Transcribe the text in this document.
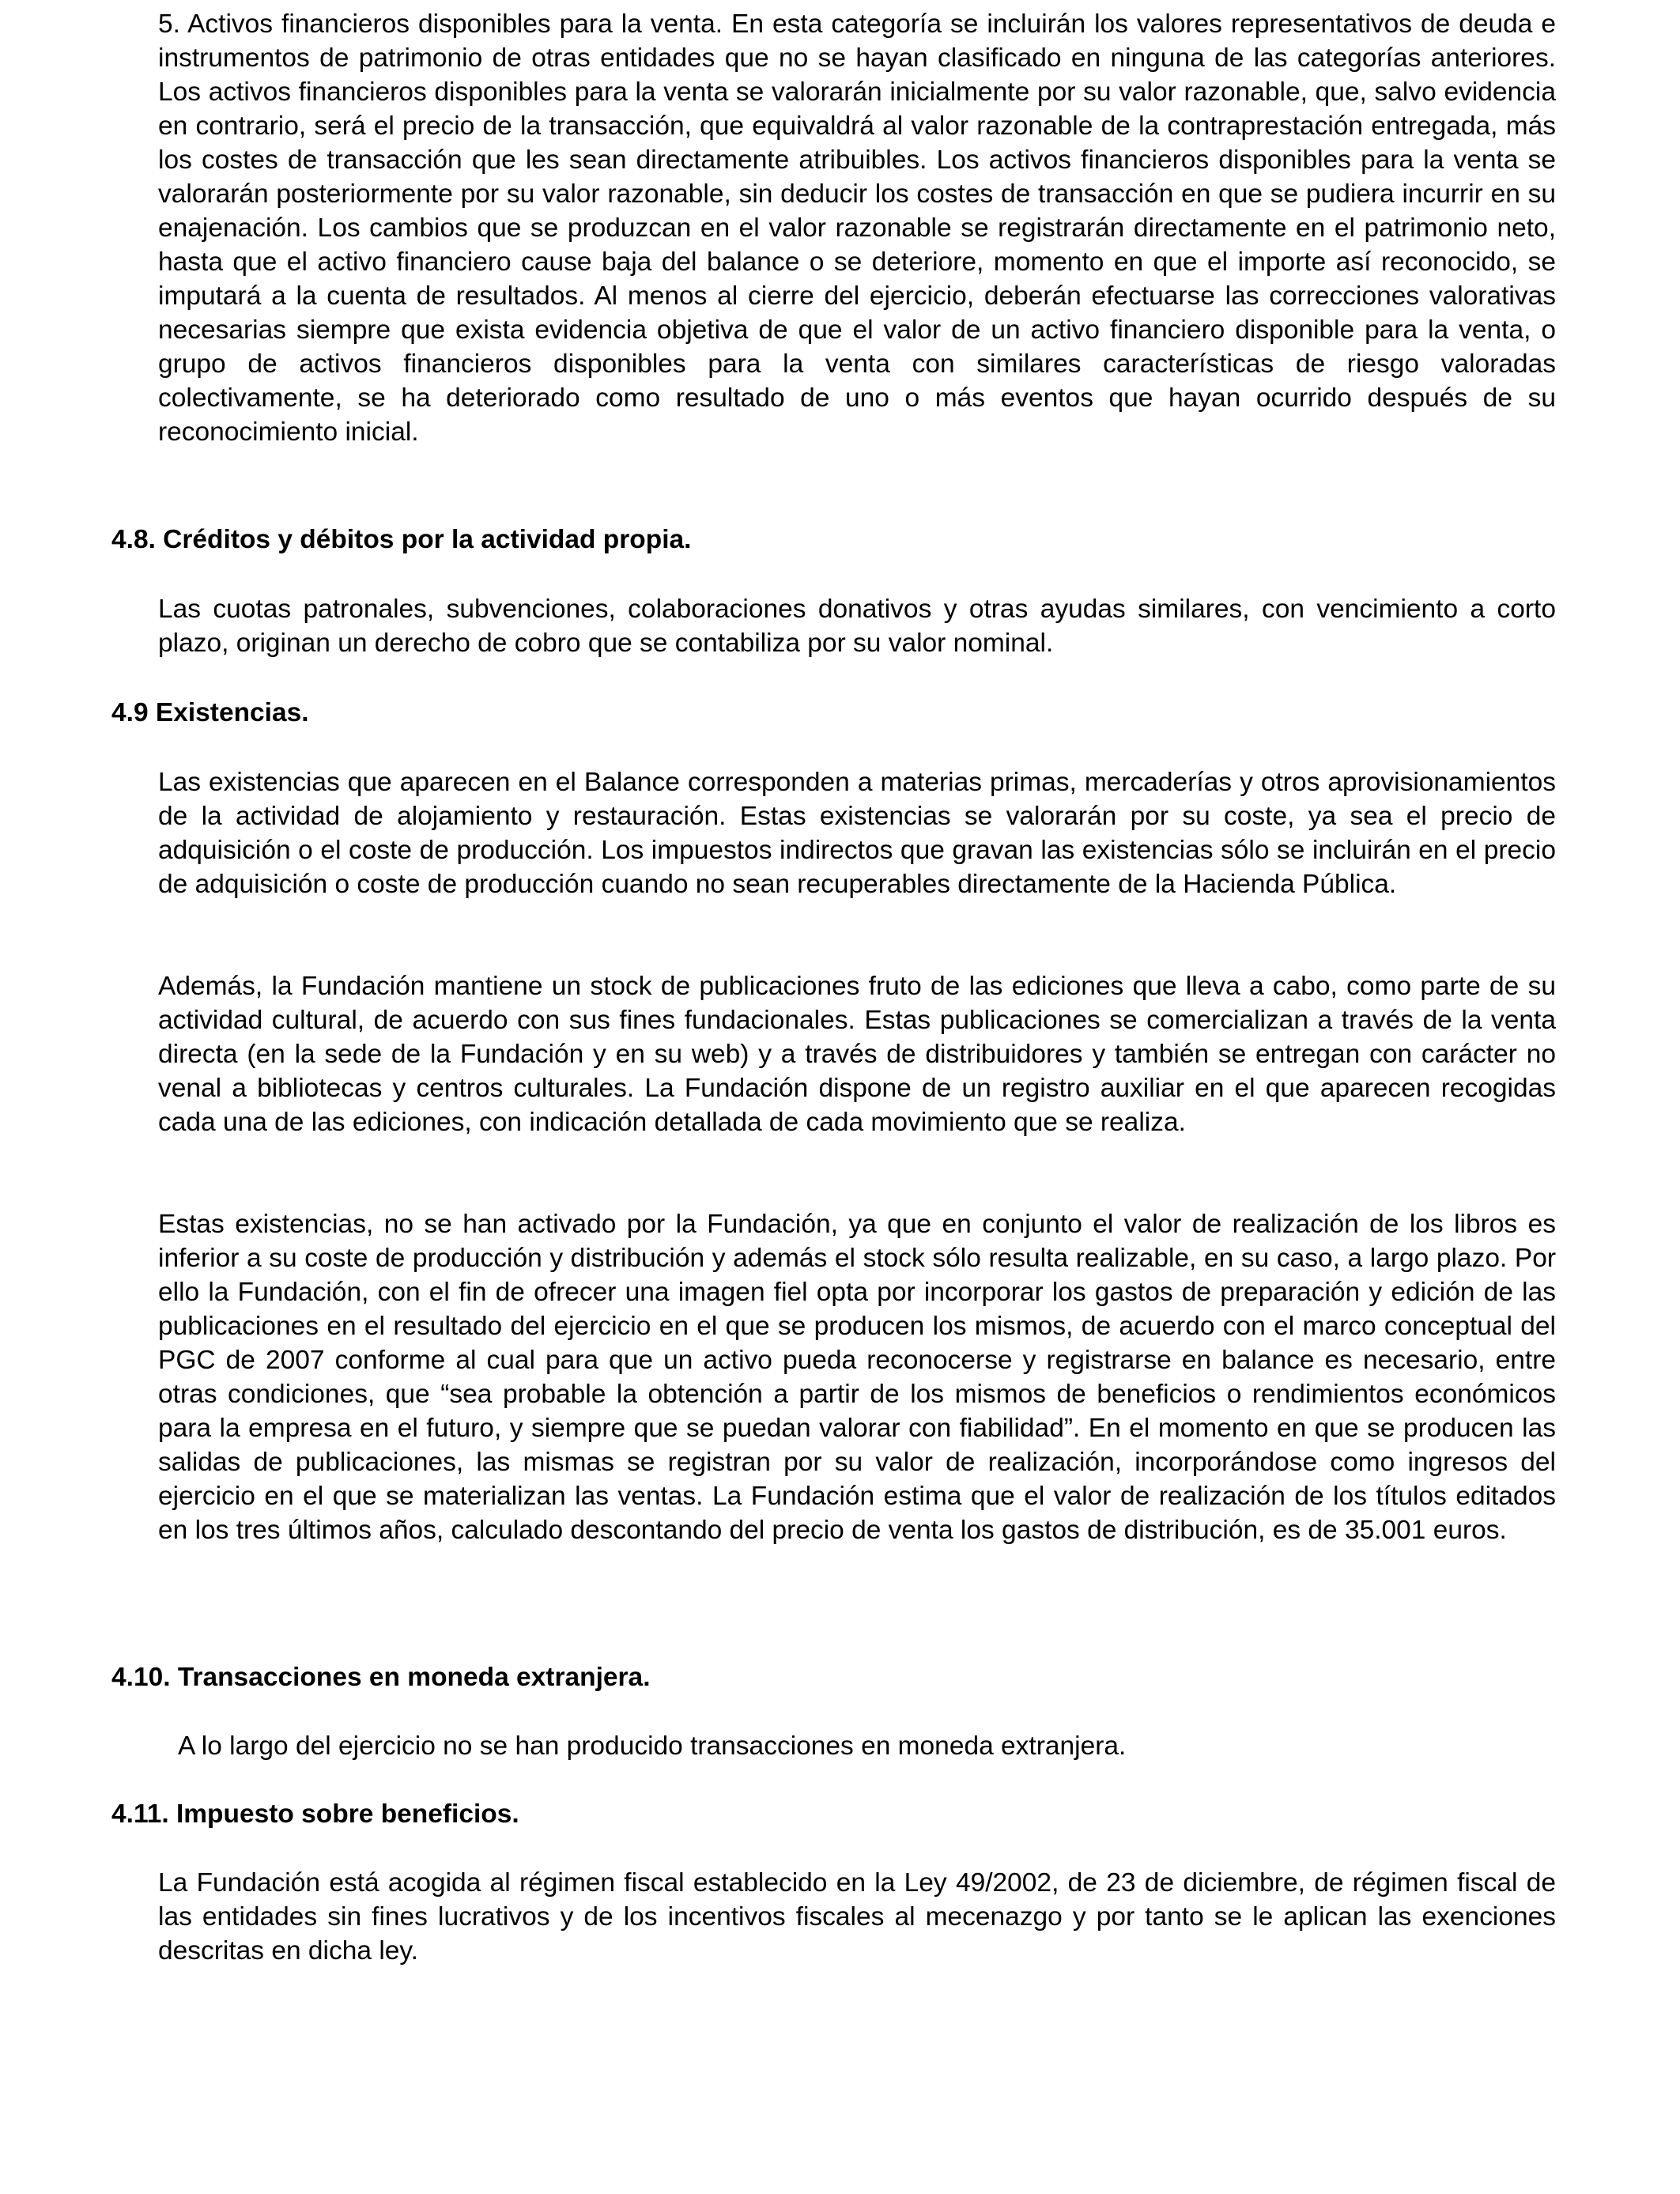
5. Activos financieros disponibles para la venta. En esta categoría se incluirán los valores representativos de deuda e instrumentos de patrimonio de otras entidades que no se hayan clasificado en ninguna de las categorías anteriores. Los activos financieros disponibles para la venta se valorarán inicialmente por su valor razonable, que, salvo evidencia en contrario, será el precio de la transacción, que equivaldrá al valor razonable de la contraprestación entregada, más los costes de transacción que les sean directamente atribuibles. Los activos financieros disponibles para la venta se valorarán posteriormente por su valor razonable, sin deducir los costes de transacción en que se pudiera incurrir en su enajenación. Los cambios que se produzcan en el valor razonable se registrarán directamente en el patrimonio neto, hasta que el activo financiero cause baja del balance o se deteriore, momento en que el importe así reconocido, se imputará a la cuenta de resultados. Al menos al cierre del ejercicio, deberán efectuarse las correcciones valorativas necesarias siempre que exista evidencia objetiva de que el valor de un activo financiero disponible para la venta, o grupo de activos financieros disponibles para la venta con similares características de riesgo valoradas colectivamente, se ha deteriorado como resultado de uno o más eventos que hayan ocurrido después de su reconocimiento inicial.

4.8. Créditos y débitos por la actividad propia.

Las cuotas patronales, subvenciones, colaboraciones donativos y otras ayudas similares, con vencimiento a corto plazo, originan un derecho de cobro que se contabiliza por su valor nominal.

4.9 Existencias.

Las existencias que aparecen en el Balance corresponden a materias primas, mercaderías y otros aprovisionamientos de la actividad de alojamiento y restauración. Estas existencias se valorarán por su coste, ya sea el precio de adquisición o el coste de producción. Los impuestos indirectos que gravan las existencias sólo se incluirán en el precio de adquisición o coste de producción cuando no sean recuperables directamente de la Hacienda Pública.

Además, la Fundación mantiene un stock de publicaciones fruto de las ediciones que lleva a cabo, como parte de su actividad cultural, de acuerdo con sus fines fundacionales. Estas publicaciones se comercializan a través de la venta directa (en la sede de la Fundación y en su web) y a través de distribuidores y también se entregan con carácter no venal a bibliotecas y centros culturales. La Fundación dispone de un registro auxiliar en el que aparecen recogidas cada una de las ediciones, con indicación detallada de cada movimiento que se realiza.

Estas existencias, no se han activado por la Fundación, ya que en conjunto el valor de realización de los libros es inferior a su coste de producción y distribución y además el stock sólo resulta realizable, en su caso, a largo plazo. Por ello la Fundación, con el fin de ofrecer una imagen fiel opta por incorporar los gastos de preparación y edición de las publicaciones en el resultado del ejercicio en el que se producen los mismos, de acuerdo con el marco conceptual del PGC de 2007 conforme al cual para que un activo pueda reconocerse y registrarse en balance es necesario, entre otras condiciones, que “sea probable la obtención a partir de los mismos de beneficios o rendimientos económicos para la empresa en el futuro, y siempre que se puedan valorar con fiabilidad”. En el momento en que se producen las salidas de publicaciones, las mismas se registran por su valor de realización, incorporándose como ingresos del ejercicio en el que se materializan las ventas. La Fundación estima que el valor de realización de los títulos editados en los tres últimos años, calculado descontando del precio de venta los gastos de distribución, es de 35.001 euros.

4.10. Transacciones en moneda extranjera.

A lo largo del ejercicio no se han producido transacciones en moneda extranjera.

4.11. Impuesto sobre beneficios.

La Fundación está acogida al régimen fiscal establecido en la Ley 49/2002, de 23 de diciembre, de régimen fiscal de las entidades sin fines lucrativos y de los incentivos fiscales al mecenazgo y por tanto se le aplican las exenciones descritas en dicha ley.
